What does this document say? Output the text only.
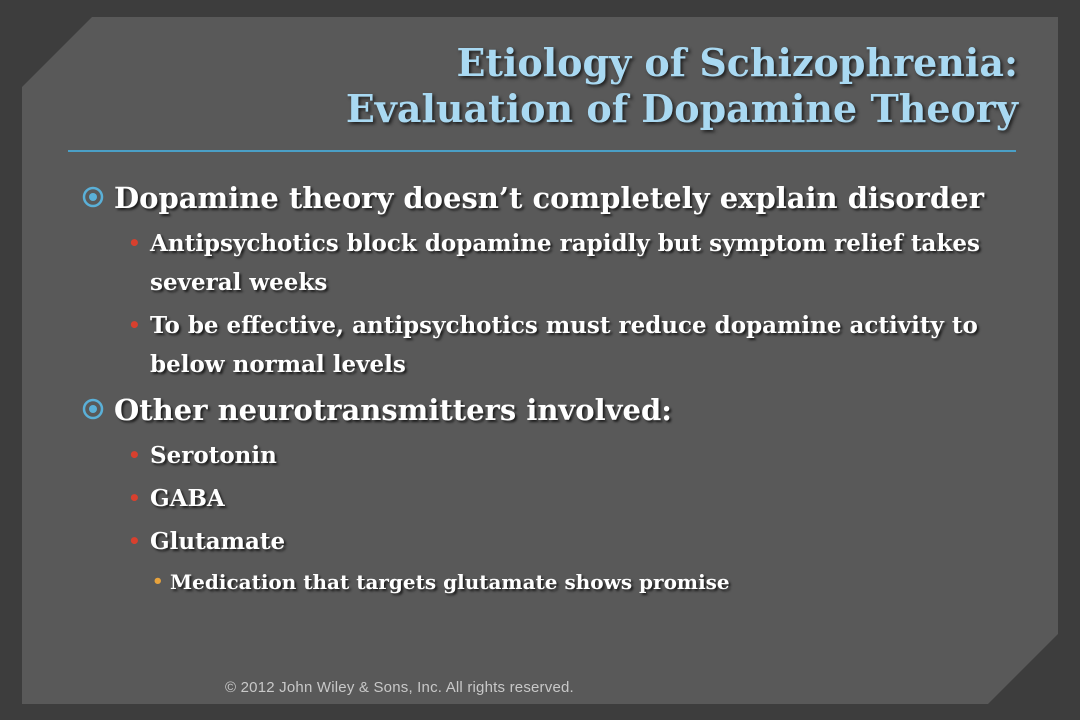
Etiology of Schizophrenia:
Evaluation of Dopamine Theory
Dopamine theory doesn’t completely explain disorder
• Antipsychotics block dopamine rapidly but symptom relief takes several weeks
• To be effective, antipsychotics must reduce dopamine activity to below normal levels
Other neurotransmitters involved:
• Serotonin
• GABA
• Glutamate
• Medication that targets glutamate shows promise
© 2012 John Wiley & Sons, Inc. All rights reserved.
